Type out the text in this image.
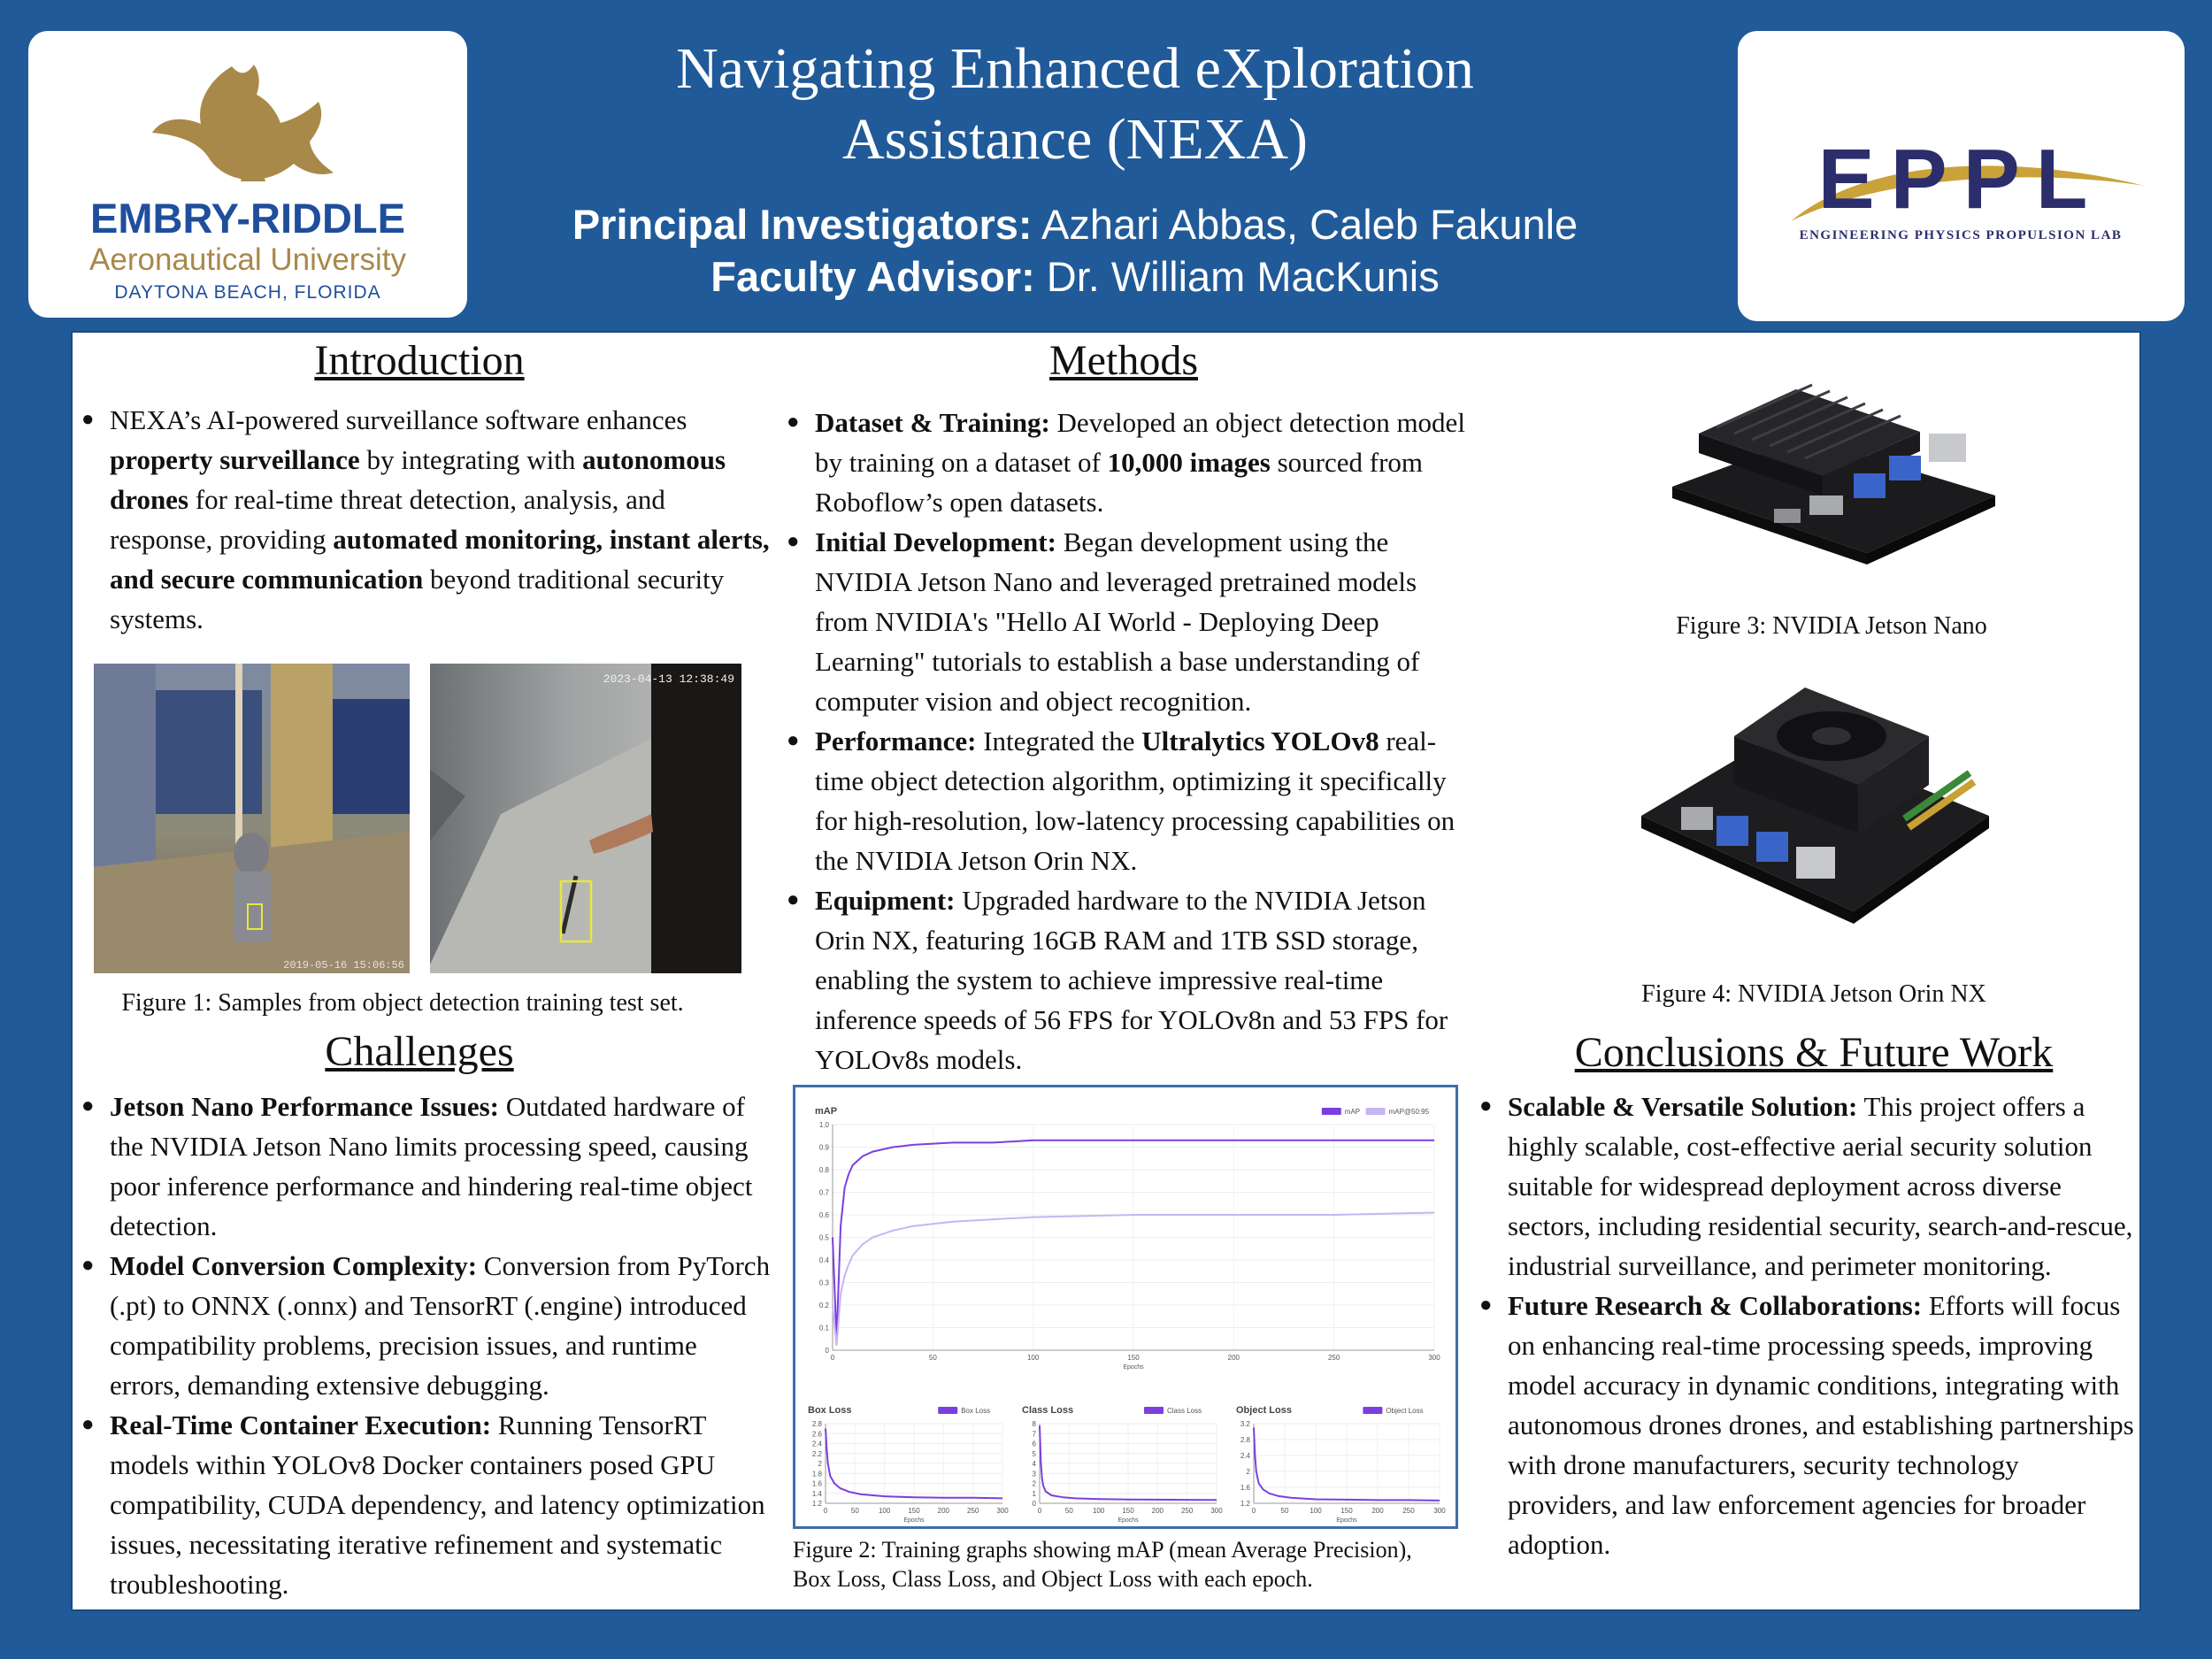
EMBRY-RIDDLE
Aeronautical University
DAYTONA BEACH, FLORIDA
Navigating Enhanced eXploration
Assistance (NEXA)
Principal Investigators: Azhari Abbas, Caleb Fakunle
Faculty Advisor: Dr. William MacKunis
EPPL
ENGINEERING PHYSICS PROPULSION LAB
Introduction
● NEXA’s AI-powered surveillance software enhances property surveillance by integrating with autonomous drones for real-time threat detection, analysis, and response, providing automated monitoring, instant alerts, and secure communication beyond traditional security systems.
2019-05-16 15:06:56
2023-04-13 12:38:49
Figure 1: Samples from object detection training test set.
Challenges
● Jetson Nano Performance Issues: Outdated hardware of the NVIDIA Jetson Nano limits processing speed, causing poor inference performance and hindering real-time object detection.
● Model Conversion Complexity: Conversion from PyTorch (.pt) to ONNX (.onnx) and TensorRT (.engine) introduced compatibility problems, precision issues, and runtime errors, demanding extensive debugging.
● Real-Time Container Execution: Running TensorRT models within YOLOv8 Docker containers posed GPU compatibility, CUDA dependency, and latency optimization issues, necessitating iterative refinement and systematic troubleshooting.
Methods
● Dataset & Training: Developed an object detection model by training on a dataset of 10,000 images sourced from Roboflow’s open datasets.
● Initial Development: Began development using the NVIDIA Jetson Nano and leveraged pretrained models from NVIDIA's "Hello AI World - Deploying Deep Learning" tutorials to establish a base understanding of computer vision and object recognition.
● Performance: Integrated the Ultralytics YOLOv8 real-time object detection algorithm, optimizing it specifically for high-resolution, low-latency processing capabilities on the NVIDIA Jetson Orin NX.
● Equipment: Upgraded hardware to the NVIDIA Jetson Orin NX, featuring 16GB RAM and 1TB SSD storage, enabling the system to achieve impressive real-time inference speeds of 56 FPS for YOLOv8n and 53 FPS for YOLOv8s models.
mAP
0
0.1
0.2
0.3
0.4
0.5
0.6
0.7
0.8
0.9
1.0
0	50	100	150	200	250	300
Epochs
mAP@50:95
mAP
Box Loss
1.2
1.4
1.6
1.8
2
2.2
2.4
2.6
2.8
0	50	100 150 200 250 300
Epochs
Box Loss	Class Loss
0
1
2
3
4
5
6
7
8
0	50	100 150 200 250 300
Epochs
Class Loss	Object Loss
1.2
1.6
2
2.4
2.8
3.2
0	50	100	150	200	250	300
Epochs
Object Loss
Figure 2: Training graphs showing mAP (mean Average Precision),
Box Loss, Class Loss, and Object Loss with each epoch.
Figure 3: NVIDIA Jetson Nano
Figure 4: NVIDIA Jetson Orin NX
Conclusions & Future Work
● Scalable & Versatile Solution: This project offers a highly scalable, cost-effective aerial security solution suitable for widespread deployment across diverse sectors, including residential security, search-and-rescue, industrial surveillance, and perimeter monitoring.
● Future Research & Collaborations: Efforts will focus on enhancing real-time processing speeds, improving model accuracy in dynamic conditions, integrating with autonomous drones drones, and establishing partnerships with drone manufacturers, security technology providers, and law enforcement agencies for broader adoption.
